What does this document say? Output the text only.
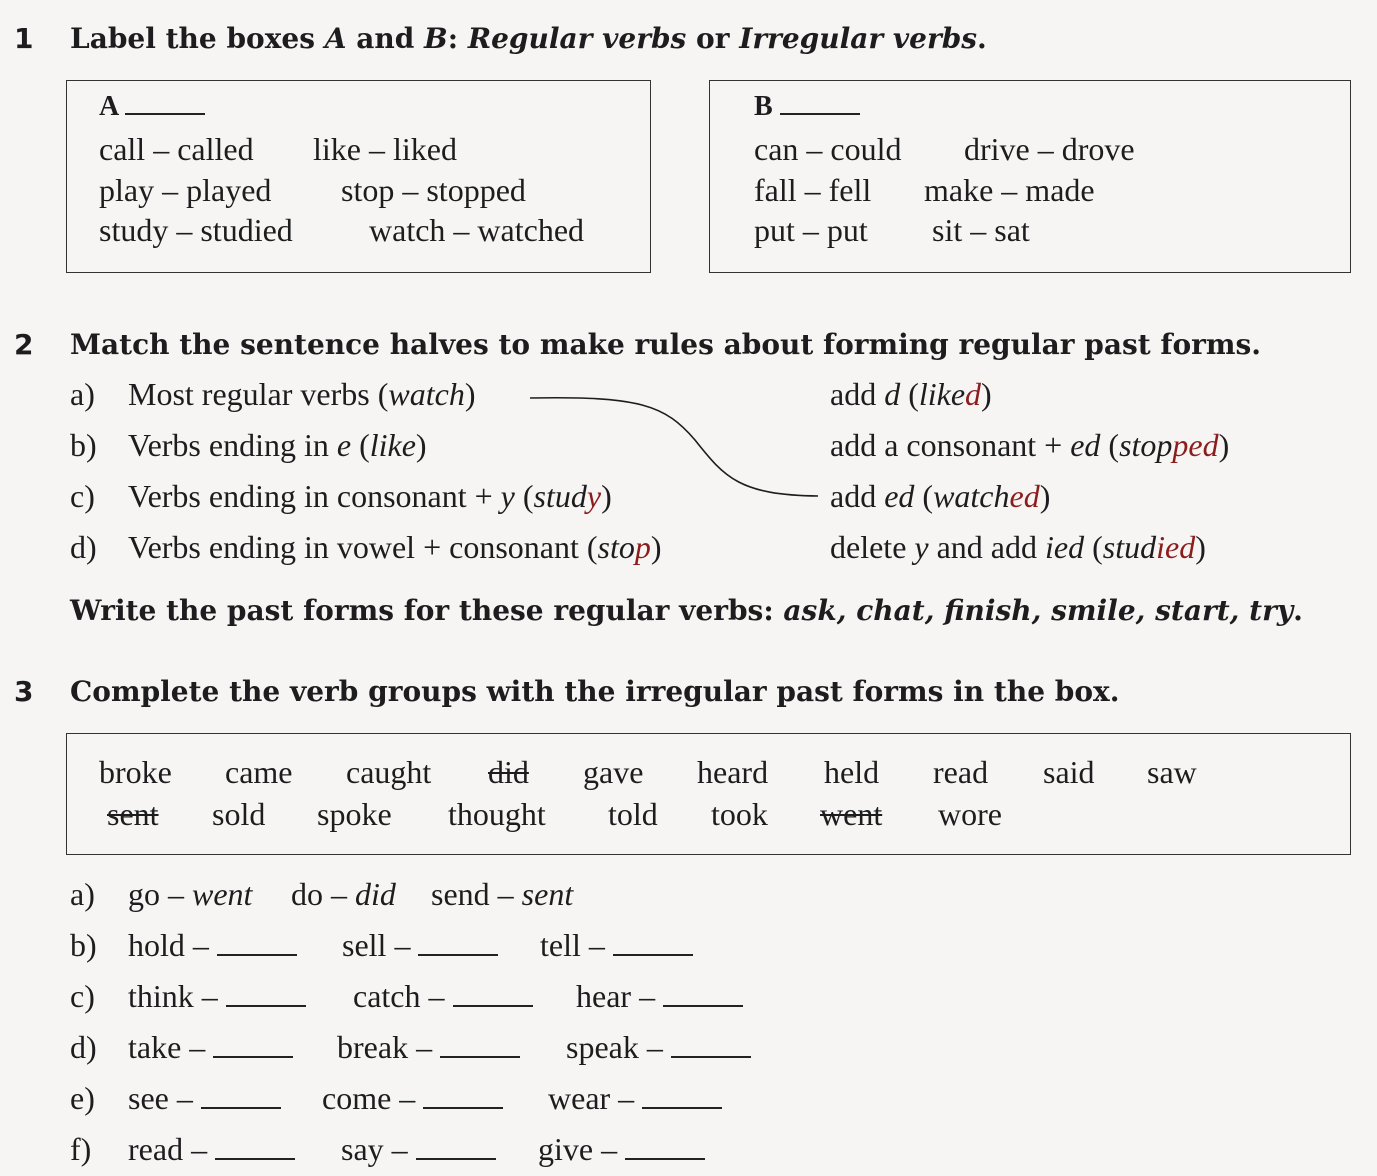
1 Label the boxes A and B: Regular verbs or Irregular verbs.
A
call – called like – liked
play – played stop – stopped
study – studied watch – watched
B
can – could drive – drove
fall – fell make – made
put – put sit – sat
2 Match the sentence halves to make rules about forming regular past forms.
a) Most regular verbs (watch)
b) Verbs ending in e (like)
c) Verbs ending in consonant + y (study)
d) Verbs ending in vowel + consonant (stop)
add d (liked)
add a consonant + ed (stopped)
add ed (watched)
delete y and add ied (studied)
Write the past forms for these regular verbs: ask, chat, finish, smile, start, try.
3 Complete the verb groups with the irregular past forms in the box.
broke came caught did gave heard held read said saw
sent sold spoke thought told took went wore
a) go – went do – did send – sent
b) hold –	sell –	tell –
c) think –	catch –	hear –
d) take –	break –	speak –
e) see –	come –	wear –
f) read –	say –	give –
